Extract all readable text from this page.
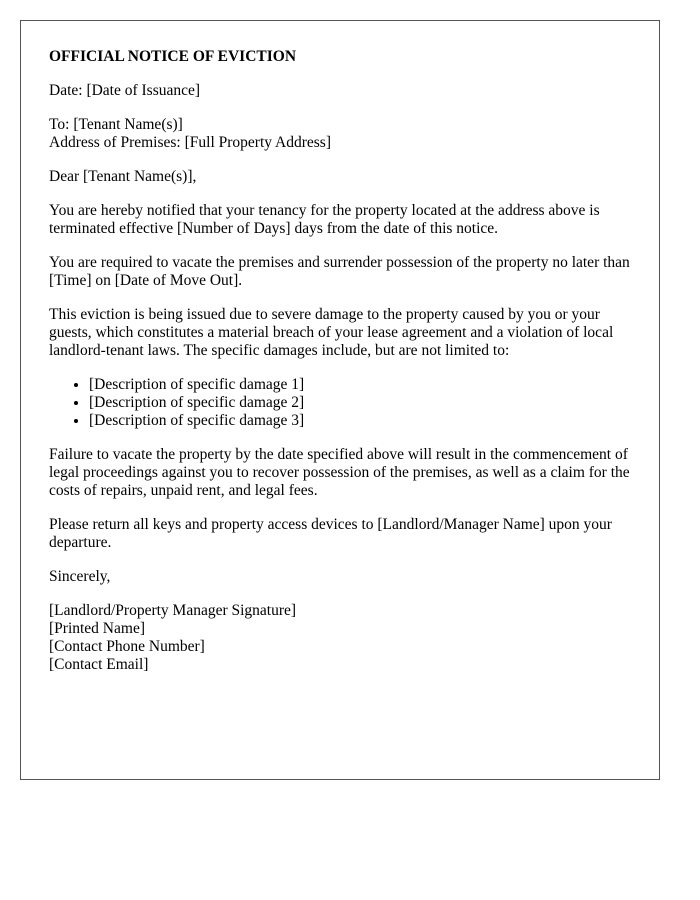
OFFICIAL NOTICE OF EVICTION

Date: [Date of Issuance]

To: [Tenant Name(s)]
Address of Premises: [Full Property Address]

Dear [Tenant Name(s)],

You are hereby notified that your tenancy for the property located at the address above is terminated effective [Number of Days] days from the date of this notice.

You are required to vacate the premises and surrender possession of the property no later than [Time] on [Date of Move Out].

This eviction is being issued due to severe damage to the property caused by you or your guests, which constitutes a material breach of your lease agreement and a violation of local landlord-tenant laws. The specific damages include, but are not limited to:

• [Description of specific damage 1]
• [Description of specific damage 2]
• [Description of specific damage 3]

Failure to vacate the property by the date specified above will result in the commencement of legal proceedings against you to recover possession of the premises, as well as a claim for the costs of repairs, unpaid rent, and legal fees.

Please return all keys and property access devices to [Landlord/Manager Name] upon your departure.

Sincerely,

[Landlord/Property Manager Signature]
[Printed Name]
[Contact Phone Number]
[Contact Email]
